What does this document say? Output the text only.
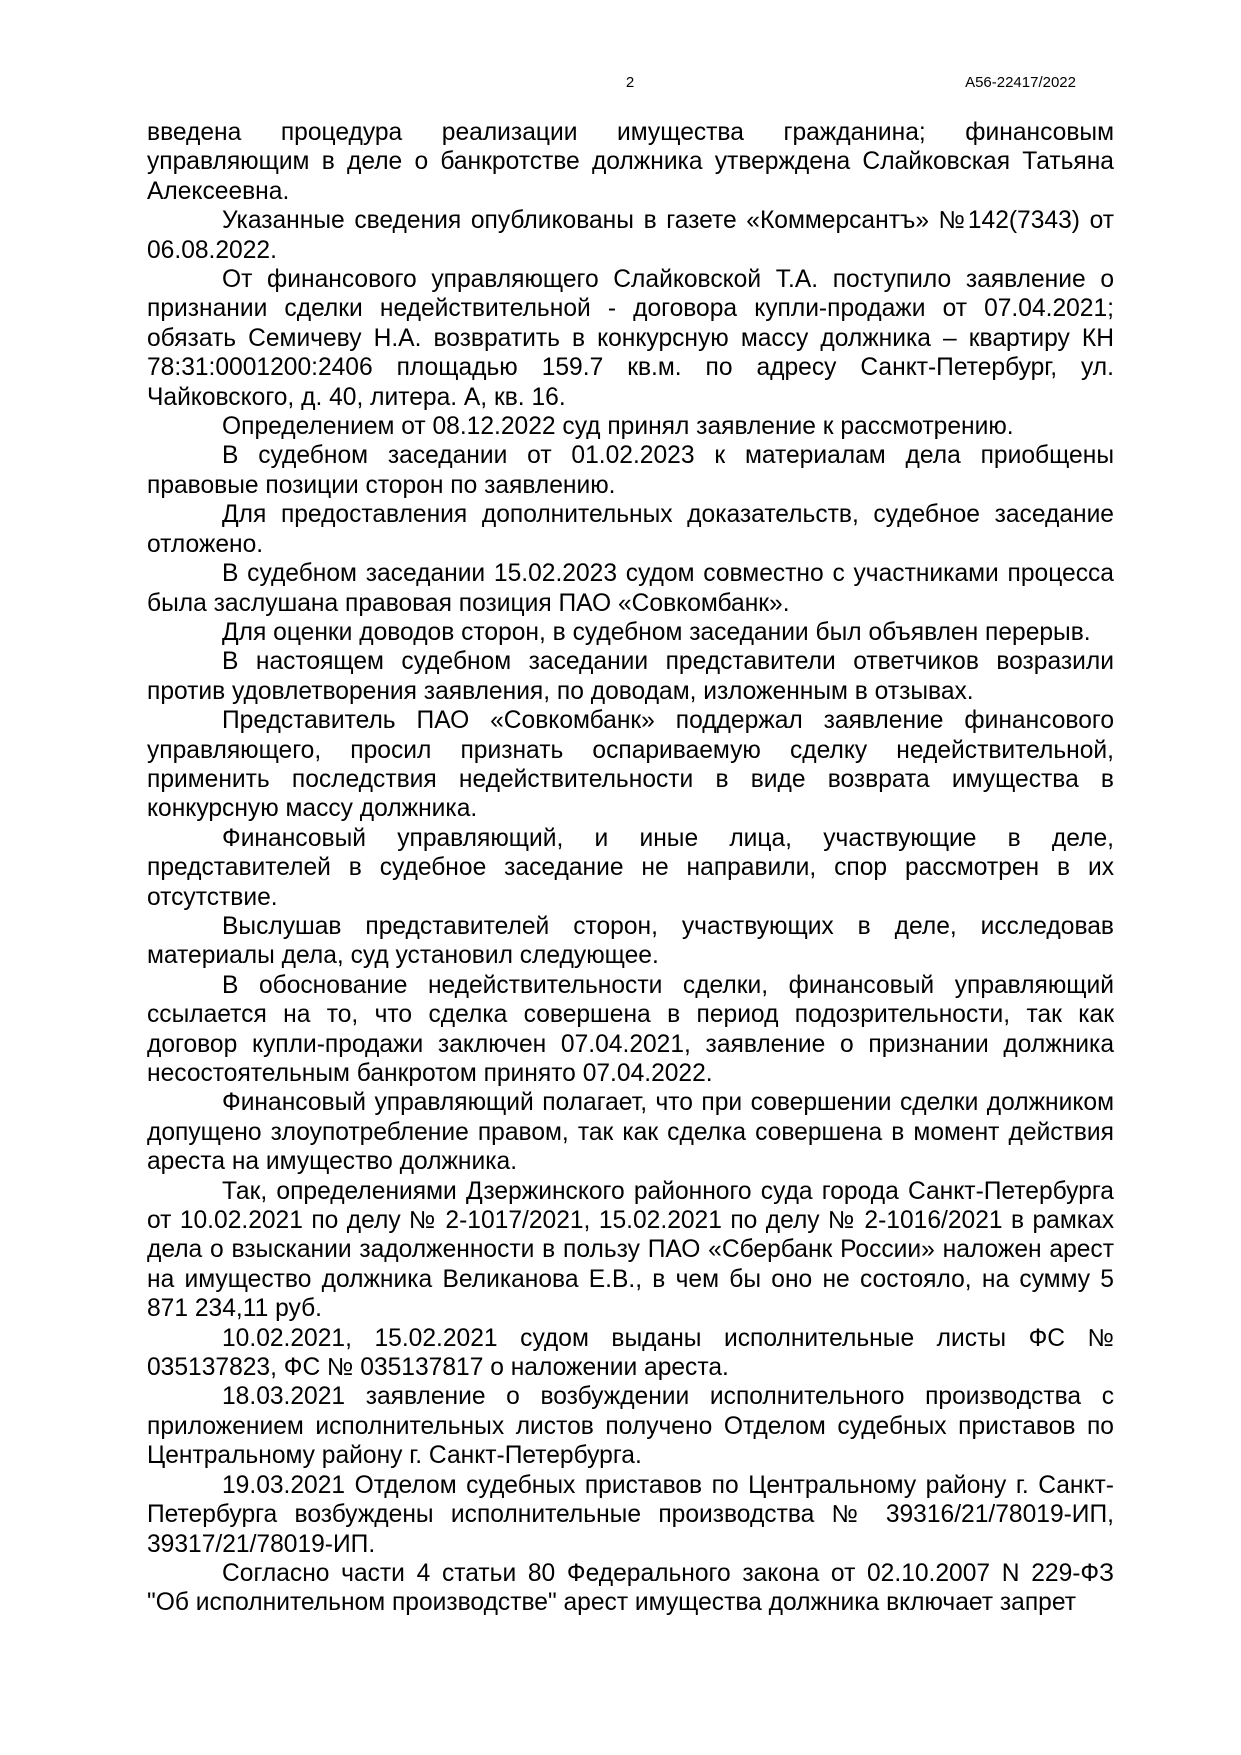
2	А56-22417/2022

введена процедура реализации имущества гражданина; финансовым управляющим в деле о банкротстве должника утверждена Слайковская Татьяна Алексеевна.

Указанные сведения опубликованы в газете «Коммерсантъ» №142(7343) от 06.08.2022.

От финансового управляющего Слайковской Т.А. поступило заявление о признании сделки недействительной - договора купли-продажи от 07.04.2021; обязать Семичеву Н.А. возвратить в конкурсную массу должника – квартиру КН 78:31:0001200:2406 площадью 159.7 кв.м. по адресу Санкт-Петербург, ул. Чайковского, д. 40, литера. А, кв. 16.

Определением от 08.12.2022 суд принял заявление к рассмотрению.

В судебном заседании от 01.02.2023 к материалам дела приобщены правовые позиции сторон по заявлению.

Для предоставления дополнительных доказательств, судебное заседание отложено.

В судебном заседании 15.02.2023 судом совместно с участниками процесса была заслушана правовая позиция ПАО «Совкомбанк».

Для оценки доводов сторон, в судебном заседании был объявлен перерыв.

В настоящем судебном заседании представители ответчиков возразили против удовлетворения заявления, по доводам, изложенным в отзывах.

Представитель ПАО «Совкомбанк» поддержал заявление финансового управляющего, просил признать оспариваемую сделку недействительной, применить последствия недействительности в виде возврата имущества в конкурсную массу должника.

Финансовый управляющий, и иные лица, участвующие в деле, представителей в судебное заседание не направили, спор рассмотрен в их отсутствие.

Выслушав представителей сторон, участвующих в деле, исследовав материалы дела, суд установил следующее.

В обоснование недействительности сделки, финансовый управляющий ссылается на то, что сделка совершена в период подозрительности, так как договор купли-продажи заключен 07.04.2021, заявление о признании должника несостоятельным банкротом принято 07.04.2022.

Финансовый управляющий полагает, что при совершении сделки должником допущено злоупотребление правом, так как сделка совершена в момент действия ареста на имущество должника.

Так, определениями Дзержинского районного суда города Санкт-Петербурга от 10.02.2021 по делу № 2-1017/2021, 15.02.2021 по делу № 2-1016/2021 в рамках дела о взыскании задолженности в пользу ПАО «Сбербанк России» наложен арест на имущество должника Великанова Е.В., в чем бы оно не состояло, на сумму 5 871 234,11 руб.

10.02.2021, 15.02.2021 судом выданы исполнительные листы ФС № 035137823, ФС № 035137817 о наложении ареста.

18.03.2021 заявление о возбуждении исполнительного производства с приложением исполнительных листов получено Отделом судебных приставов по Центральному району г. Санкт-Петербурга.

19.03.2021 Отделом судебных приставов по Центральному району г. Санкт-Петербурга возбуждены исполнительные производства № 39316/21/78019-ИП, 39317/21/78019-ИП.

Согласно части 4 статьи 80 Федерального закона от 02.10.2007 N 229-ФЗ "Об исполнительном производстве" арест имущества должника включает запрет
